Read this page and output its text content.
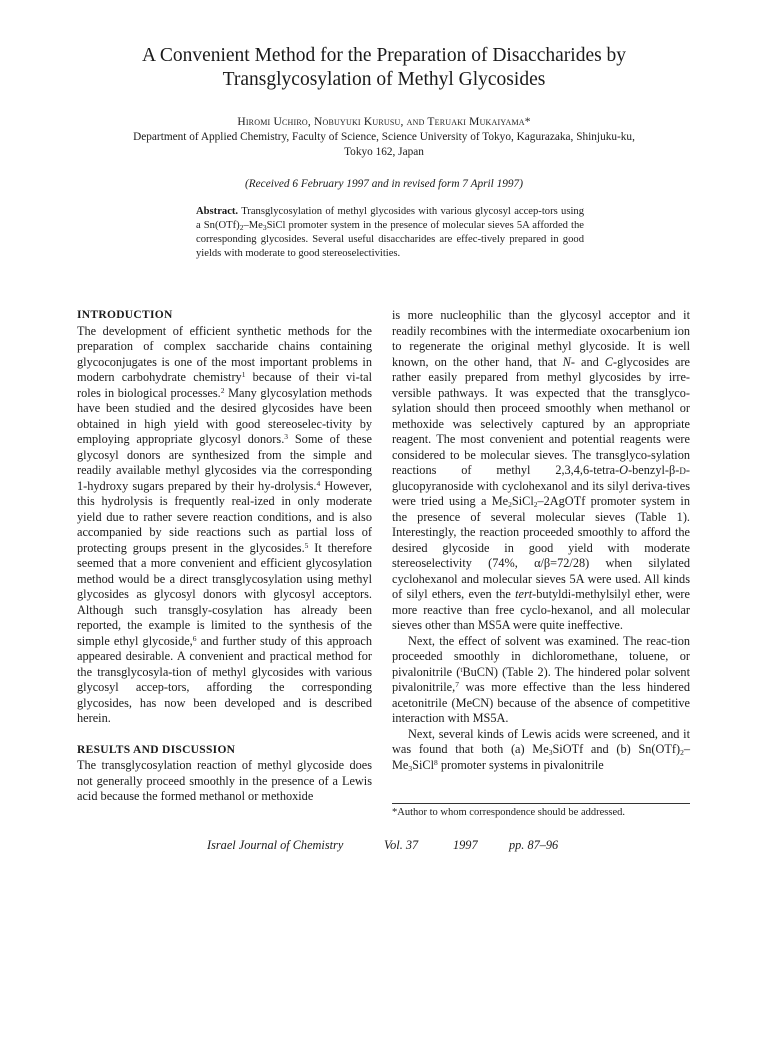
A Convenient Method for the Preparation of Disaccharides by
Transglycosylation of Methyl Glycosides
Hiromi Uchiro, Nobuyuki Kurusu, and Teruaki Mukaiyama*
Department of Applied Chemistry, Faculty of Science, Science University of Tokyo, Kagurazaka, Shinjuku-ku,
Tokyo 162, Japan
(Received 6 February 1997 and in revised form 7 April 1997)
Abstract. Transglycosylation of methyl glycosides with various glycosyl accep-tors using a $Sn(OTf)_2-Me_3SiCl$ promoter system in the presence of molecular sieves 5A afforded the corresponding glycosides. Several useful disaccharides are effec-tively prepared in good yields with moderate to good stereoselectivities.

INTRODUCTION

The development of efficient synthetic methods for the preparation of complex saccharide chains containing glycoconjugates is one of the most important problems in modern carbohydrate chemistry$^1$ because of their vi-tal roles in biological processes.$^2$ Many glycosylation methods have been studied and the desired glycosides have been obtained in high yield with good stereoselec-tivity by employing appropriate glycosyl donors.$^3$ Some of these glycosyl donors are synthesized from the simple and readily available methyl glycosides via the corresponding 1-hydroxy sugars prepared by their hy-drolysis.$^4$ However, this hydrolysis is frequently real-ized in only moderate yield due to rather severe reaction conditions, and is also accompanied by side reactions such as partial loss of protecting groups present in the glycosides.$^5$ It therefore seemed that a more convenient and efficient glycosylation method would be a direct transglycosylation using methyl glycosides as glycosyl donors with glycosyl acceptors. Although such transgly-cosylation has already been reported, the example is limited to the synthesis of the simple ethyl glycoside,$^6$ and further study of this approach appeared desirable. A convenient and practical method for the transglycosyla-tion of methyl glycosides with various glycosyl accep-tors, affording the corresponding glycosides, has now been developed and is described herein.

RESULTS AND DISCUSSION

The transglycosylation reaction of methyl glycoside does not generally proceed smoothly in the presence of a Lewis acid because the formed methanol or methoxide

is more nucleophilic than the glycosyl acceptor and it readily recombines with the intermediate oxocarbenium ion to regenerate the original methyl glycoside. It is well known, on the other hand, that N- and C-glycosides are rather easily prepared from methyl glycosides by irre-versible pathways. It was expected that the transglyco-sylation should then proceed smoothly when methanol or methoxide was selectively captured by an appropriate reagent. The most convenient and potential reagents were considered to be molecular sieves. The transglyco-sylation reactions of methyl 2,3,4,6-tetra-O-benzyl-β-d-glucopyranoside with cyclohexanol and its silyl deriva-tives were tried using a $Me_2SiCl_2-2AgOTf$ promoter system in the presence of several molecular sieves (Table 1). Interestingly, the reaction proceeded smoothly to afford the desired glycoside in good yield with moderate stereoselectivity (74%, α/β=72/28) when silylated cyclohexanol and molecular sieves 5A were used. All kinds of silyl ethers, even the tert-butyldi-methylsilyl ether, were more reactive than free cyclo-hexanol, and all molecular sieves other than MS5A were quite ineffective.

Next, the effect of solvent was examined. The reac-tion proceeded smoothly in dichloromethane, toluene, or pivalonitrile ($^t$BuCN) (Table 2). The hindered polar solvent pivalonitrile,$^7$ was more effective than the less hindered acetonitrile (MeCN) because of the absence of competitive interaction with MS5A.

Next, several kinds of Lewis acids were screened, and it was found that both (a) $Me_3SiOTf$ and (b) $Sn(OTf)_2-Me_3SiCl^8$ promoter systems in pivalonitrile

*Author to whom correspondence should be addressed.
Israel Journal of Chemistry	Vol. 37	1997	pp. 87–96
